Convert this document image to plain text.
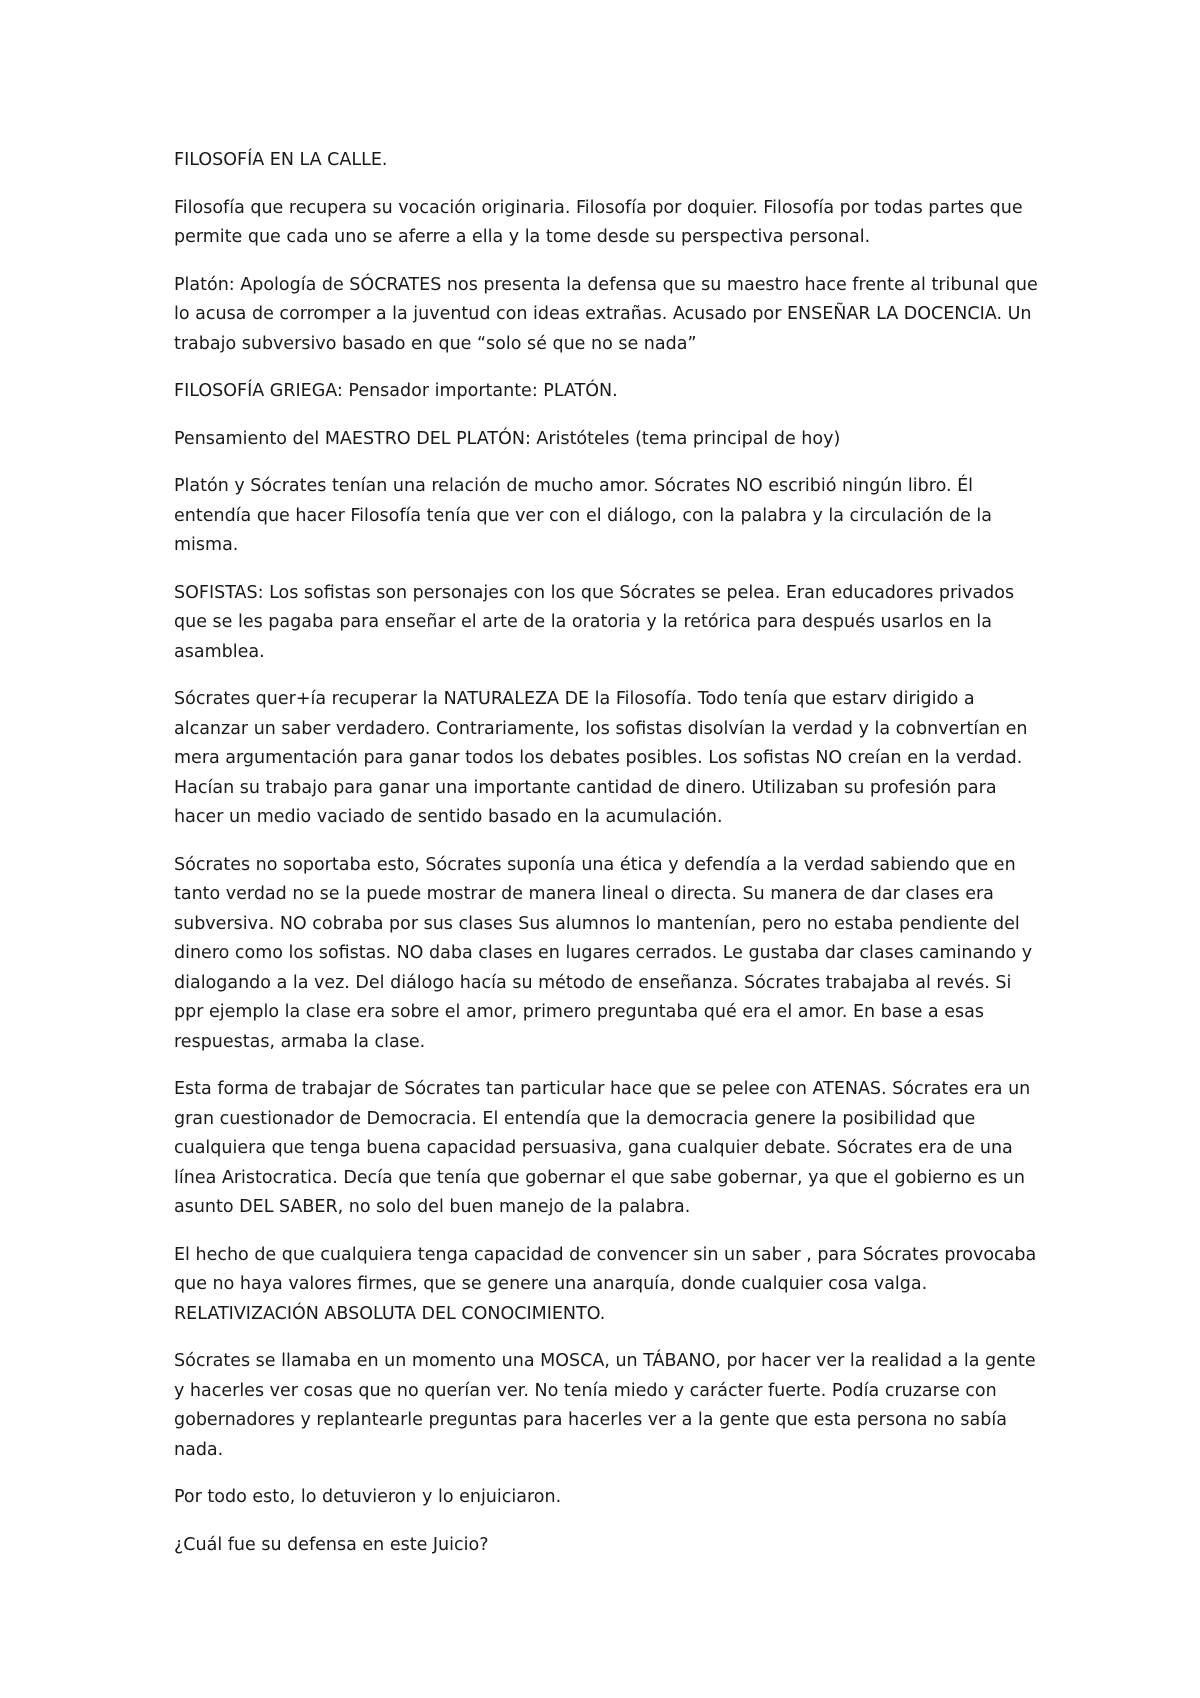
FILOSOFÍA EN LA CALLE.

Filosofía que recupera su vocación originaria. Filosofía por doquier. Filosofía por todas partes que permite que cada uno se aferre a ella y la tome desde su perspectiva personal.

Platón: Apología de SÓCRATES nos presenta la defensa que su maestro hace frente al tribunal que lo acusa de corromper a la juventud con ideas extrañas. Acusado por ENSEÑAR LA DOCENCIA. Un trabajo subversivo basado en que “solo sé que no se nada”

FILOSOFÍA GRIEGA: Pensador importante: PLATÓN.

Pensamiento del MAESTRO DEL PLATÓN: Aristóteles (tema principal de hoy)

Platón y Sócrates tenían una relación de mucho amor. Sócrates NO escribió ningún libro. Él entendía que hacer Filosofía tenía que ver con el diálogo, con la palabra y la circulación de la misma.

SOFISTAS: Los sofistas son personajes con los que Sócrates se pelea. Eran educadores privados que se les pagaba para enseñar el arte de la oratoria y la retórica para después usarlos en la asamblea.

Sócrates quer+ía recuperar la NATURALEZA DE la Filosofía. Todo tenía que estarv dirigido a alcanzar un saber verdadero. Contrariamente, los sofistas disolvían la verdad y la cobnvertían en mera argumentación para ganar todos los debates posibles. Los sofistas NO creían en la verdad. Hacían su trabajo para ganar una importante cantidad de dinero. Utilizaban su profesión para hacer un medio vaciado de sentido basado en la acumulación.

Sócrates no soportaba esto, Sócrates suponía una ética y defendía a la verdad sabiendo que en tanto verdad no se la puede mostrar de manera lineal o directa. Su manera de dar clases era subversiva. NO cobraba por sus clases Sus alumnos lo mantenían, pero no estaba pendiente del dinero como los sofistas. NO daba clases en lugares cerrados. Le gustaba dar clases caminando y dialogando a la vez. Del diálogo hacía su método de enseñanza. Sócrates trabajaba al revés. Si ppr ejemplo la clase era sobre el amor, primero preguntaba qué era el amor. En base a esas respuestas, armaba la clase.

Esta forma de trabajar de Sócrates tan particular hace que se pelee con ATENAS. Sócrates era un gran cuestionador de Democracia. El entendía que la democracia genere la posibilidad que cualquiera que tenga buena capacidad persuasiva, gana cualquier debate. Sócrates era de una línea Aristocratica. Decía que tenía que gobernar el que sabe gobernar, ya que el gobierno es un asunto DEL SABER, no solo del buen manejo de la palabra.

El hecho de que cualquiera tenga capacidad de convencer sin un saber , para Sócrates provocaba que no haya valores firmes, que se genere una anarquía, donde cualquier cosa valga. RELATIVIZACIÓN ABSOLUTA DEL CONOCIMIENTO.

Sócrates se llamaba en un momento una MOSCA, un TÁBANO, por hacer ver la realidad a la gente y hacerles ver cosas que no querían ver. No tenía miedo y carácter fuerte. Podía cruzarse con gobernadores y replantearle preguntas para hacerles ver a la gente que esta persona no sabía nada.

Por todo esto, lo detuvieron y lo enjuiciaron.

¿Cuál fue su defensa en este Juicio?
